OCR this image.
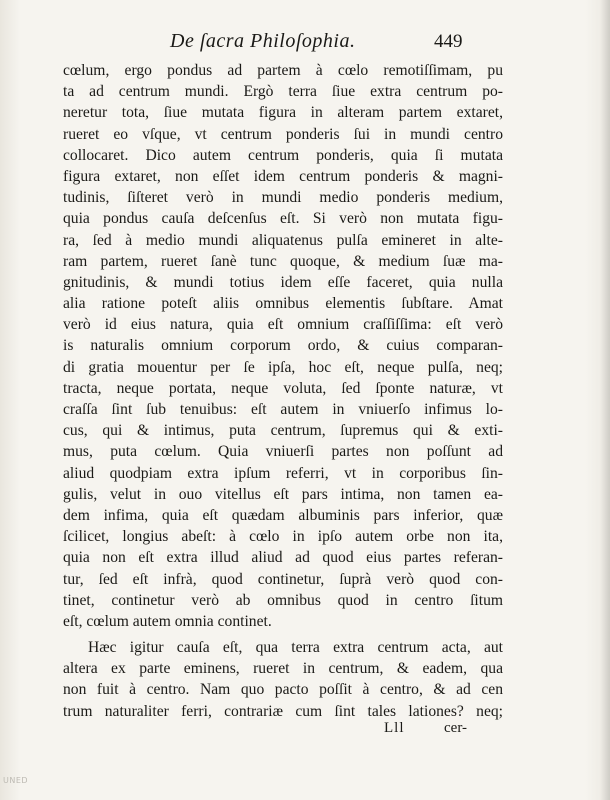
De ſacra Philoſophia.	449
cœlum, ergo pondus ad partem à cœlo remotiſſimam, pu
ta ad centrum mundi. Ergò terra ſiue extra centrum po-
neretur tota, ſiue mutata figura in alteram partem extaret,
rueret eo vſque, vt centrum ponderis ſui in mundi centro
collocaret. Dico autem centrum ponderis, quia ſi mutata
figura extaret, non eſſet idem centrum ponderis & magni-
tudinis, ſiſteret verò in mundi medio ponderis medium,
quia pondus cauſa deſcenſus eſt. Si verò non mutata figu-
ra, ſed à medio mundi aliquatenus pulſa emineret in alte-
ram partem, rueret ſanè tunc quoque, & medium ſuæ ma-
gnitudinis, & mundi totius idem eſſe faceret, quia nulla
alia ratione poteſt aliis omnibus elementis ſubſtare. Amat
verò id eius natura, quia eſt omnium craſſiſſima: eſt verò
is naturalis omnium corporum ordo, & cuius comparan-
di gratia mouentur per ſe ipſa, hoc eſt, neque pulſa, neq;
tracta, neque portata, neque voluta, ſed ſponte naturæ, vt
craſſa ſint ſub tenuibus: eſt autem in vniuerſo infimus lo-
cus, qui & intimus, puta centrum, ſupremus qui & exti-
mus, puta cœlum. Quia vniuerſi partes non poſſunt ad
aliud quodpiam extra ipſum referri, vt in corporibus ſin-
gulis, velut in ouo vitellus eſt pars intima, non tamen ea-
dem infima, quia eſt quædam albuminis pars inferior, quæ
ſcilicet, longius abeſt: à cœlo in ipſo autem orbe non ita,
quia non eſt extra illud aliud ad quod eius partes referan-
tur, ſed eſt infrà, quod continetur, ſuprà verò quod con-
tinet, continetur verò ab omnibus quod in centro ſitum
eſt, cœlum autem omnia continet.
Hæc igitur cauſa eſt, qua terra extra centrum acta, aut
altera ex parte eminens, rueret in centrum, & eadem, qua
non fuit à centro. Nam quo pacto poſſit à centro, & ad cen
trum naturaliter ferri, contrariæ cum ſint tales lationes? neq;
Lll	cer-
UNED
